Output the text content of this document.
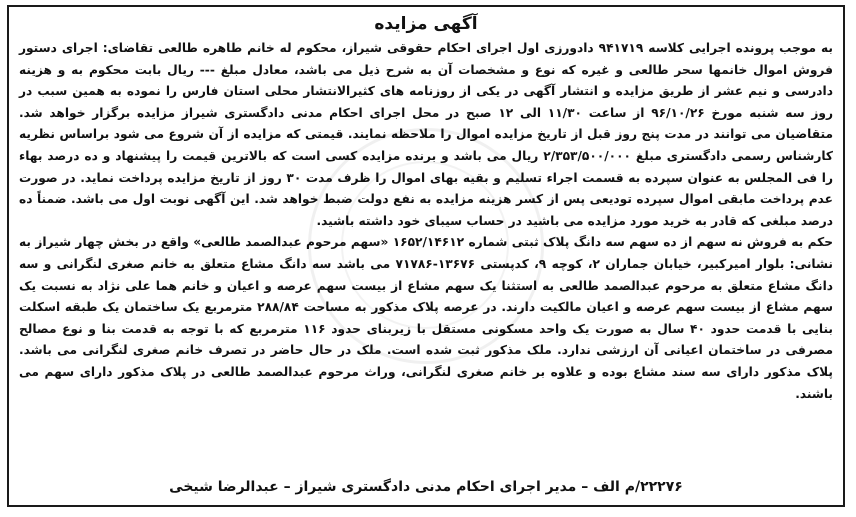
آگهی مزایده

به موجب پرونده اجرایی کلاسه ۹۴۱۷۱۹ دادورزی اول اجرای احکام حقوقی شیراز، محکوم له خانم طاهره طالعی تقاضای: اجرای دستور فروش اموال خانمها سحر طالعی و غیره که نوع و مشخصات آن به شرح ذیل می باشد، معادل مبلغ --- ریال بابت محکوم به و هزینه دادرسی و نیم عشر از طریق مزایده و انتشار آگهی در یکی از روزنامه های کثیرالانتشار محلی استان فارس را نموده به همین سبب در روز سه شنبه مورخ ۹۶/۱۰/۲۶ از ساعت ۱۱/۳۰ الی ۱۲ صبح در محل اجرای احکام مدنی دادگستری شیراز مزایده برگزار خواهد شد. متقاضیان می توانند در مدت پنج روز قبل از تاریخ مزایده اموال را ملاحظه نمایند. قیمتی که مزایده از آن شروع می شود براساس نظریه کارشناس رسمی دادگستری مبلغ ۲/۳۵۳/۵۰۰/۰۰۰ ریال می باشد و برنده مزایده کسی است که بالاترین قیمت را پیشنهاد و ده درصد بهاء را فی المجلس به عنوان سپرده به قسمت اجراء تسلیم و بقیه بهای اموال را ظرف مدت ۳۰ روز از تاریخ مزایده پرداخت نماید. در صورت عدم پرداخت مابقی اموال سپرده تودیعی پس از کسر هزینه مزایده به نفع دولت ضبط خواهد شد. این آگهی نوبت اول می باشد. ضمناً ده درصد مبلغی که قادر به خرید مورد مزایده می باشید در حساب سیبای خود داشته باشید.

حکم به فروش نه سهم از ده سهم سه دانگ پلاک ثبتی شماره ۱۶۵۲/۱۴۶۱۲ «سهم مرحوم عبدالصمد طالعی» واقع در بخش چهار شیراز به نشانی: بلوار امیرکبیر، خیابان جماران ۲، کوچه ۹، کدپستی ۱۳۶۷۶-۷۱۷۸۶ می باشد سه دانگ مشاع متعلق به خانم صغری لنگرانی و سه دانگ مشاع متعلق به مرحوم عبدالصمد طالعی به استثنا یک سهم مشاع از بیست سهم عرصه و اعیان و خانم هما علی نژاد به نسبت یک سهم مشاع از بیست سهم عرصه و اعیان مالکیت دارند. در عرصه پلاک مذکور به مساحت ۲۸۸/۸۴ مترمربع یک ساختمان یک طبقه اسکلت بنایی با قدمت حدود ۴۰ سال به صورت یک واحد مسکونی مستقل با زیربنای حدود ۱۱۶ مترمربع که با توجه به قدمت بنا و نوع مصالح مصرفی در ساختمان اعیانی آن ارزشی ندارد. ملک مذکور ثبت شده است. ملک در حال حاضر در تصرف خانم صغری لنگرانی می باشد. پلاک مذکور دارای سه سند مشاع بوده و علاوه بر خانم صغری لنگرانی، وراث مرحوم عبدالصمد طالعی در پلاک مذکور دارای سهم می باشند.

۲۲۲۷۶/م الف – مدیر اجرای احکام مدنی دادگستری شیراز – عبدالرضا شیخی
